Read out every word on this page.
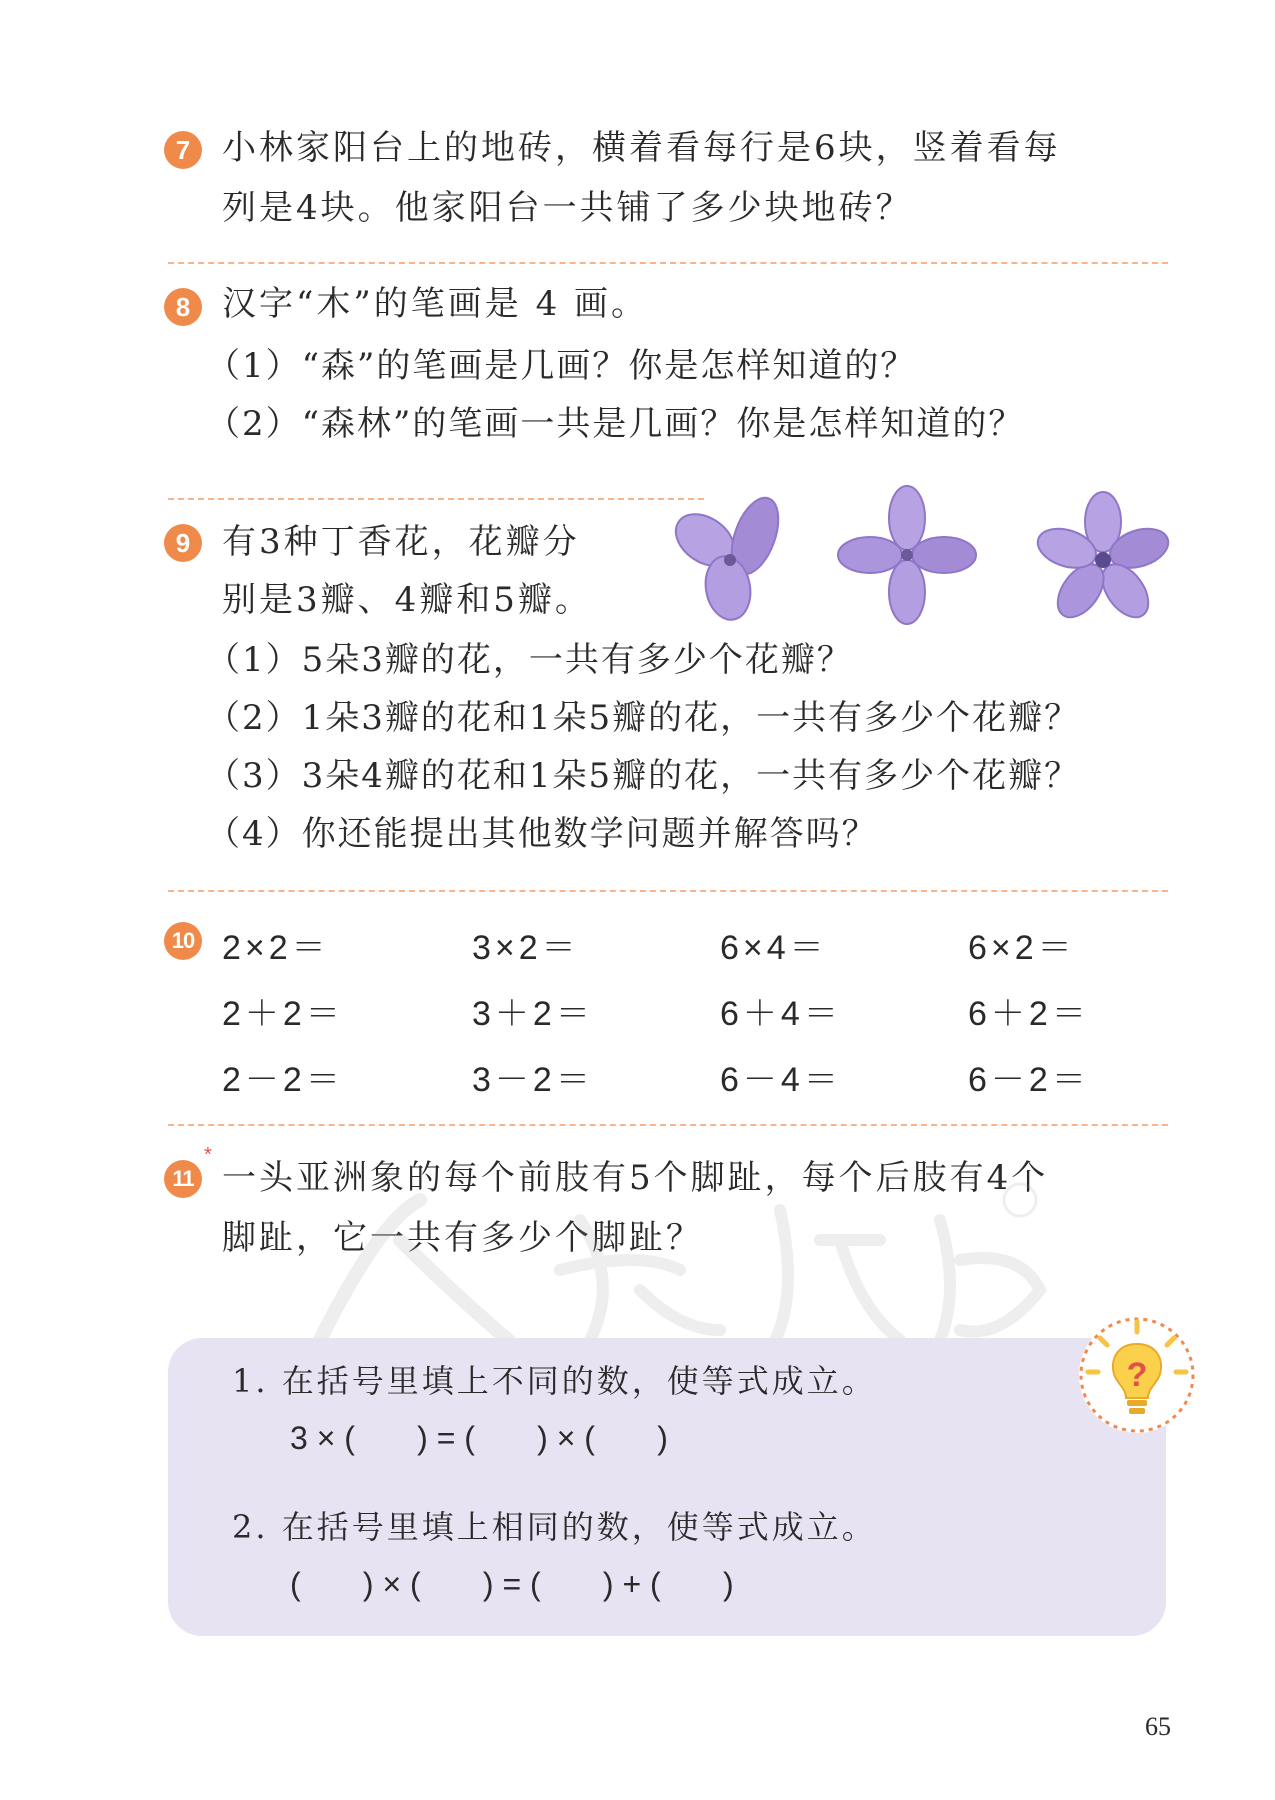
7 小林家阳台上的地砖，横着看每行是6块，竖着看每
列是4块。他家阳台一共铺了多少块地砖？
8 汉字“木”的笔画是 4 画。
（1）“森”的笔画是几画？你是怎样知道的？
（2）“森林”的笔画一共是几画？你是怎样知道的？
9 有3种丁香花，花瓣分
别是3瓣、4瓣和5瓣。
（1）5朵3瓣的花，一共有多少个花瓣？
（2）1朵3瓣的花和1朵5瓣的花，一共有多少个花瓣？
（3）3朵4瓣的花和1朵5瓣的花，一共有多少个花瓣？
（4）你还能提出其他数学问题并解答吗？
10 2×2＝	3×2＝	6×4＝	6×2＝
2＋2＝	3＋2＝	6＋4＝	6＋2＝
2－2＝	3－2＝	6－4＝	6－2＝
11
*
一头亚洲象的每个前肢有5个脚趾，每个后肢有4个
脚趾，它一共有多少个脚趾？
1. 在括号里填上不同的数，使等式成立。
3 × (       ) = (       ) × (       )
2. 在括号里填上相同的数，使等式成立。
(       ) × (       ) = (       ) + (       )
?
65
